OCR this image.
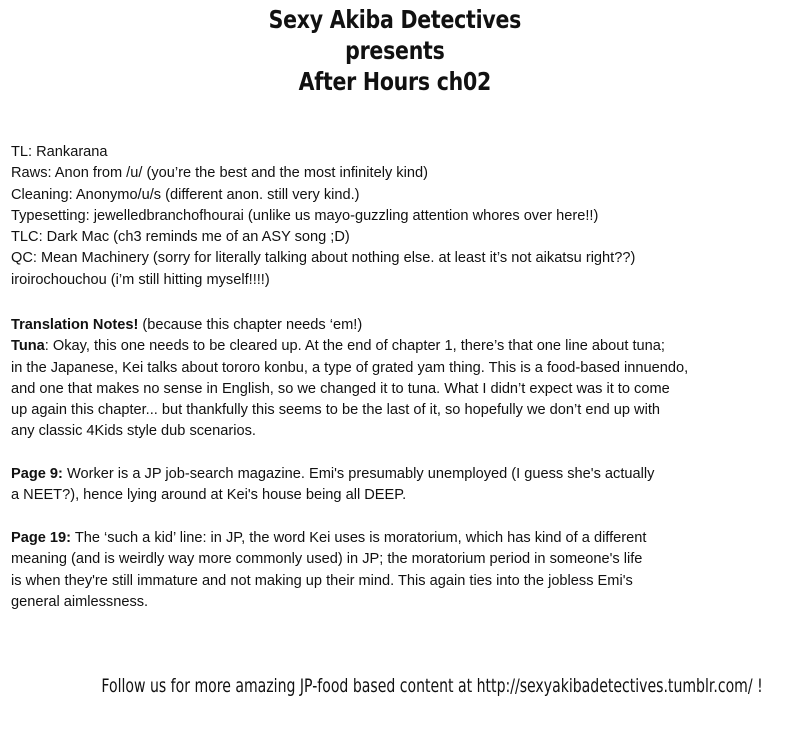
Sexy Akiba Detectives
presents
After Hours ch02
TL: Rankarana
Raws: Anon from /u/ (you’re the best and the most infinitely kind)
Cleaning: Anonymo/u/s (different anon. still very kind.)
Typesetting: jewelledbranchofhourai (unlike us mayo-guzzling attention whores over here!!)
TLC: Dark Mac (ch3 reminds me of an ASY song ;D)
QC: Mean Machinery (sorry for literally talking about nothing else. at least it’s not aikatsu right??)
iroirochouchou (i’m still hitting myself!!!!)
Translation Notes! (because this chapter needs ‘em!)
Tuna: Okay, this one needs to be cleared up. At the end of chapter 1, there’s that one line about tuna;
in the Japanese, Kei talks about tororo konbu, a type of grated yam thing. This is a food-based innuendo,
and one that makes no sense in English, so we changed it to tuna. What I didn’t expect was it to come
up again this chapter... but thankfully this seems to be the last of it, so hopefully we don’t end up with
any classic 4Kids style dub scenarios.
Page 9: Worker is a JP job-search magazine. Emi's presumably unemployed (I guess she's actually
a NEET?), hence lying around at Kei's house being all DEEP.
Page 19: The ‘such a kid’ line: in JP, the word Kei uses is moratorium, which has kind of a different
meaning (and is weirdly way more commonly used) in JP; the moratorium period in someone's life
is when they're still immature and not making up their mind. This again ties into the jobless Emi's
general aimlessness.
Follow us for more amazing JP-food based content at http://sexyakibadetectives.tumblr.com/ !
